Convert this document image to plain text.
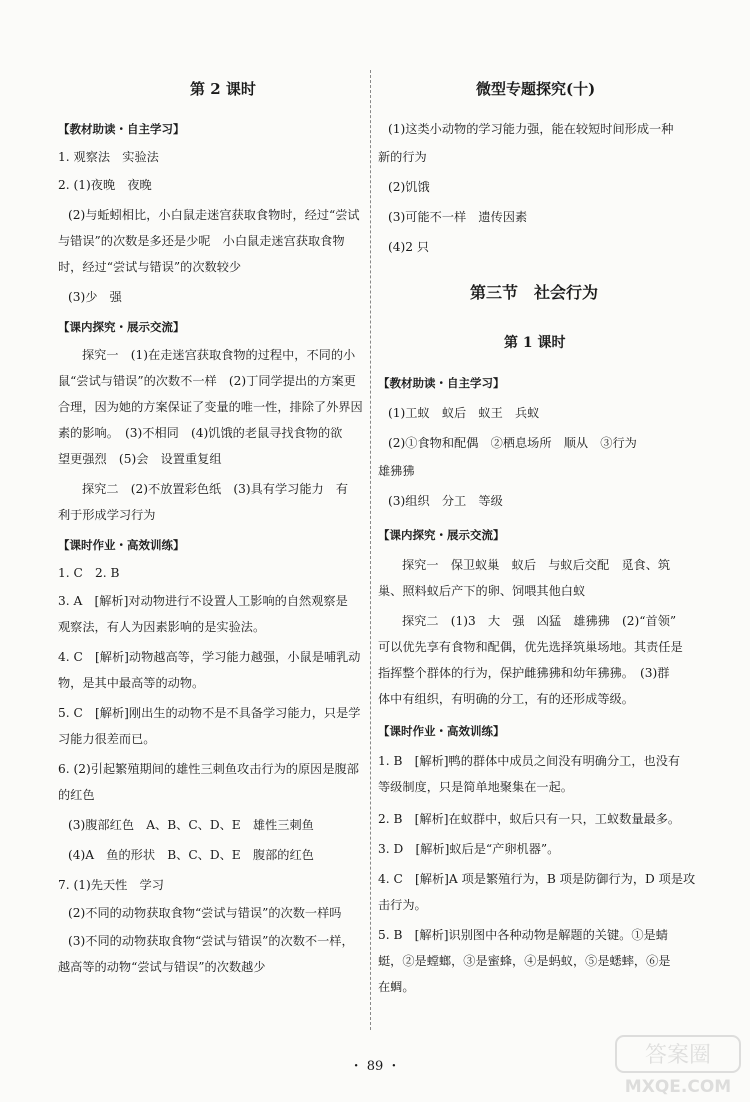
第 2 课时
【教材助读・自主学习】
1. 观察法　实验法
2. (1)夜晚　夜晚
(2)与蚯蚓相比，小白鼠走迷宫获取食物时，经过“尝试
与错误”的次数是多还是少呢　小白鼠走迷宫获取食物
时，经过“尝试与错误”的次数较少
(3)少　强
【课内探究・展示交流】
探究一　(1)在走迷宫获取食物的过程中，不同的小
鼠“尝试与错误”的次数不一样　(2)丁同学提出的方案更
合理，因为她的方案保证了变量的唯一性，排除了外界因
素的影响。　(3)不相同　(4)饥饿的老鼠寻找食物的欲
望更强烈　(5)会　设置重复组
探究二　(2)不放置彩色纸　(3)具有学习能力　有
利于形成学习行为
【课时作业・高效训练】
1. C　2. B
3. A　[解析]对动物进行不设置人工影响的自然观察是
观察法，有人为因素影响的是实验法。
4. C　[解析]动物越高等，学习能力越强，小鼠是哺乳动
物，是其中最高等的动物。
5. C　[解析]刚出生的动物不是不具备学习能力，只是学
习能力很差而已。
6. (2)引起繁殖期间的雄性三刺鱼攻击行为的原因是腹部
的红色
(3)腹部红色　A、B、C、D、E　雄性三刺鱼
(4)A　鱼的形状　B、C、D、E　腹部的红色
7. (1)先天性　学习
(2)不同的动物获取食物“尝试与错误”的次数一样吗
(3)不同的动物获取食物“尝试与错误”的次数不一样，
越高等的动物“尝试与错误”的次数越少
微型专题探究(十)
(1)这类小动物的学习能力强，能在较短时间形成一种
新的行为
(2)饥饿
(3)可能不一样　遗传因素
(4)2 只
第三节　社会行为
第 1 课时
【教材助读・自主学习】
(1)工蚁　蚁后　蚁王　兵蚁
(2)①食物和配偶　②栖息场所　顺从　③行为
雄狒狒
(3)组织　分工　等级
【课内探究・展示交流】
探究一　保卫蚁巢　蚁后　与蚁后交配　觅食、筑
巢、照料蚁后产下的卵、饲喂其他白蚁
探究二　(1)3　大　强　凶猛　雄狒狒　(2)“首领”
可以优先享有食物和配偶，优先选择筑巢场地。其责任是
指挥整个群体的行为，保护雌狒狒和幼年狒狒。　(3)群
体中有组织，有明确的分工，有的还形成等级。
【课时作业・高效训练】
1. B　[解析]鸭的群体中成员之间没有明确分工，也没有
等级制度，只是简单地聚集在一起。
2. B　[解析]在蚁群中，蚁后只有一只，工蚁数量最多。
3. D　[解析]蚁后是“产卵机器”。
4. C　[解析]A 项是繁殖行为，B 项是防御行为，D 项是攻
击行为。
5. B　[解析]识别图中各种动物是解题的关键。①是蜻
蜓，②是螳螂，③是蜜蜂，④是蚂蚁，⑤是蟋蟀，⑥是
在蜩。
・ 89 ・	答案圈
MXQE.COM
